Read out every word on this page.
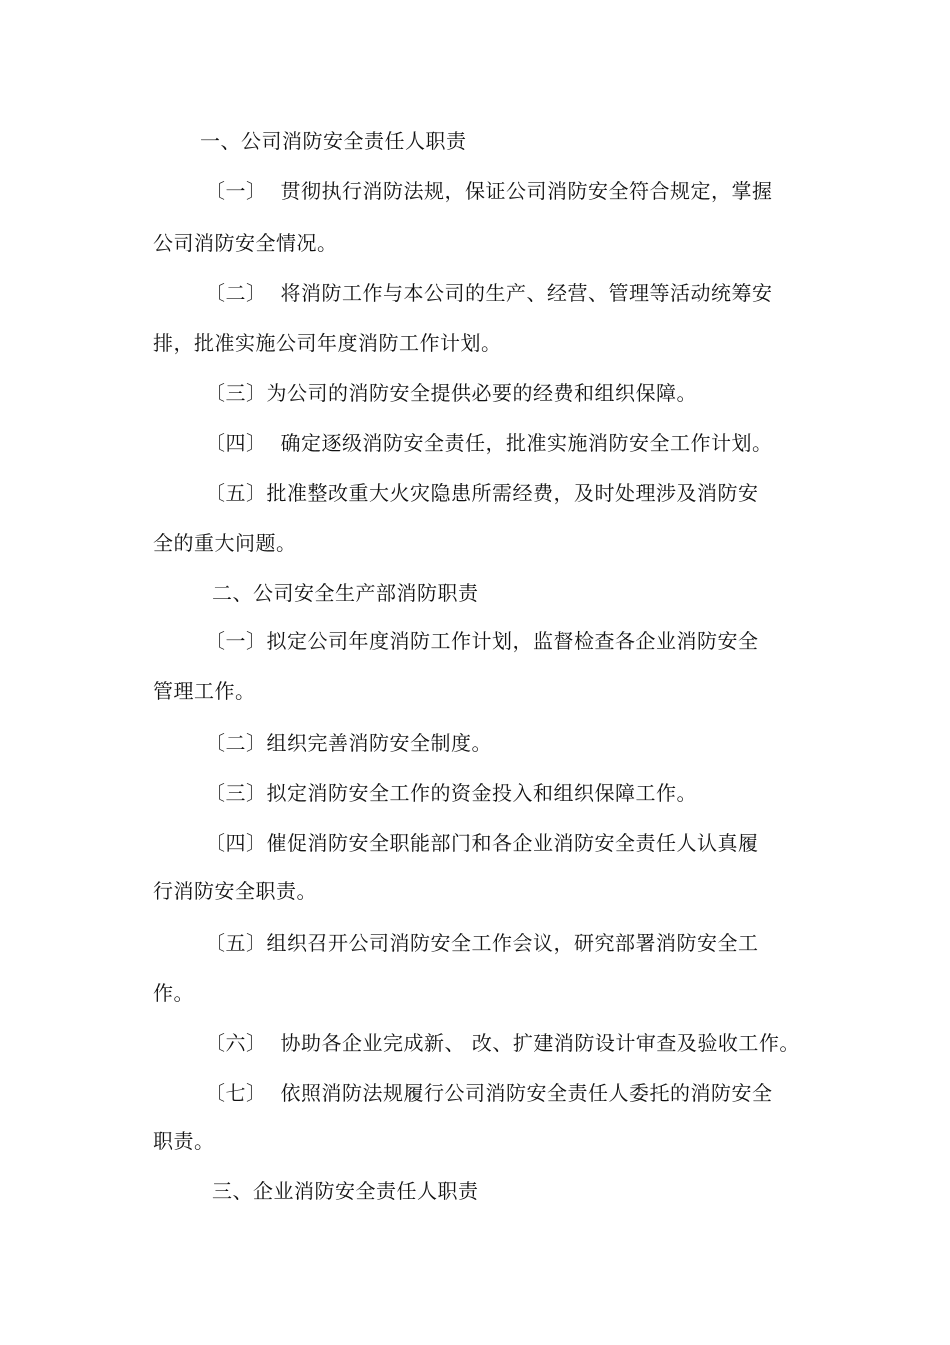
一、公司消防安全责任人职责
〔一〕 贯彻执行消防法规，保证公司消防安全符合规定，掌握
公司消防安全情况。
〔二〕 将消防工作与本公司的生产、经营、管理等活动统筹安
排，批准实施公司年度消防工作计划。
〔三〕为公司的消防安全提供必要的经费和组织保障。
〔四〕 确定逐级消防安全责任，批准实施消防安全工作计划。
〔五〕批准整改重大火灾隐患所需经费，及时处理涉及消防安
全的重大问题。
二、公司安全生产部消防职责
〔一〕拟定公司年度消防工作计划，监督检查各企业消防安全
管理工作。
〔二〕组织完善消防安全制度。
〔三〕拟定消防安全工作的资金投入和组织保障工作。
〔四〕催促消防安全职能部门和各企业消防安全责任人认真履
行消防安全职责。
〔五〕组织召开公司消防安全工作会议，研究部署消防安全工
作。
〔六〕 协助各企业完成新、 改、扩建消防设计审查及验收工作。
〔七〕 依照消防法规履行公司消防安全责任人委托的消防安全
职责。
三、企业消防安全责任人职责
